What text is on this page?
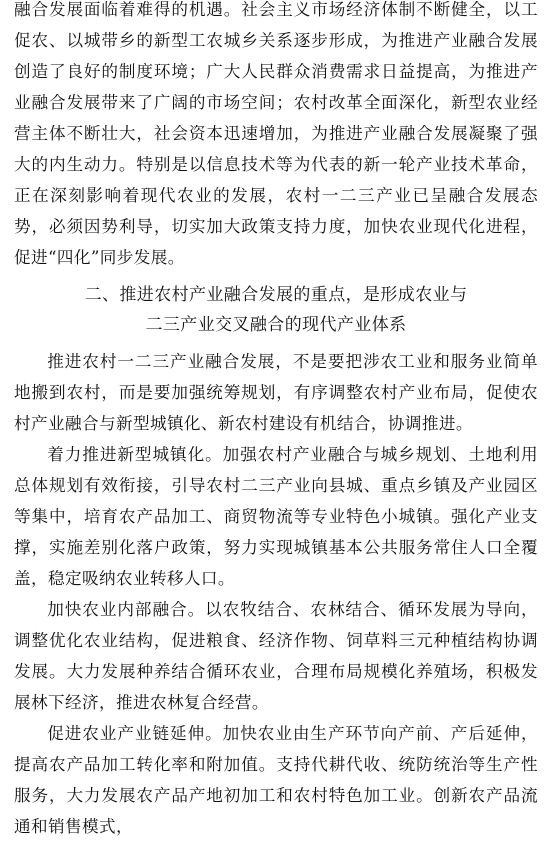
融合发展面临着难得的机遇。社会主义市场经济体制不断健全，以工促农、以城带乡的新型工农城乡关系逐步形成，为推进产业融合发展创造了良好的制度环境；广大人民群众消费需求日益提高，为推进产业融合发展带来了广阔的市场空间；农村改革全面深化，新型农业经营主体不断壮大，社会资本迅速增加，为推进产业融合发展凝聚了强大的内生动力。特别是以信息技术等为代表的新一轮产业技术革命，正在深刻影响着现代农业的发展，农村一二三产业已呈融合发展态势，必须因势利导，切实加大政策支持力度，加快农业现代化进程，促进“四化”同步发展。

二、推进农村产业融合发展的重点，是形成农业与
二三产业交叉融合的现代产业体系

推进农村一二三产业融合发展，不是要把涉农工业和服务业简单地搬到农村，而是要加强统筹规划，有序调整农村产业布局，促使农村产业融合与新型城镇化、新农村建设有机结合，协调推进。

着力推进新型城镇化。加强农村产业融合与城乡规划、土地利用总体规划有效衔接，引导农村二三产业向县城、重点乡镇及产业园区等集中，培育农产品加工、商贸物流等专业特色小城镇。强化产业支撑，实施差别化落户政策，努力实现城镇基本公共服务常住人口全覆盖，稳定吸纳农业转移人口。

加快农业内部融合。以农牧结合、农林结合、循环发展为导向，调整优化农业结构，促进粮食、经济作物、饲草料三元种植结构协调发展。大力发展种养结合循环农业，合理布局规模化养殖场，积极发展林下经济，推进农林复合经营。

促进农业产业链延伸。加快农业由生产环节向产前、产后延伸，提高农产品加工转化率和附加值。支持代耕代收、统防统治等生产性服务，大力发展农产品产地初加工和农村特色加工业。创新农产品流通和销售模式，
